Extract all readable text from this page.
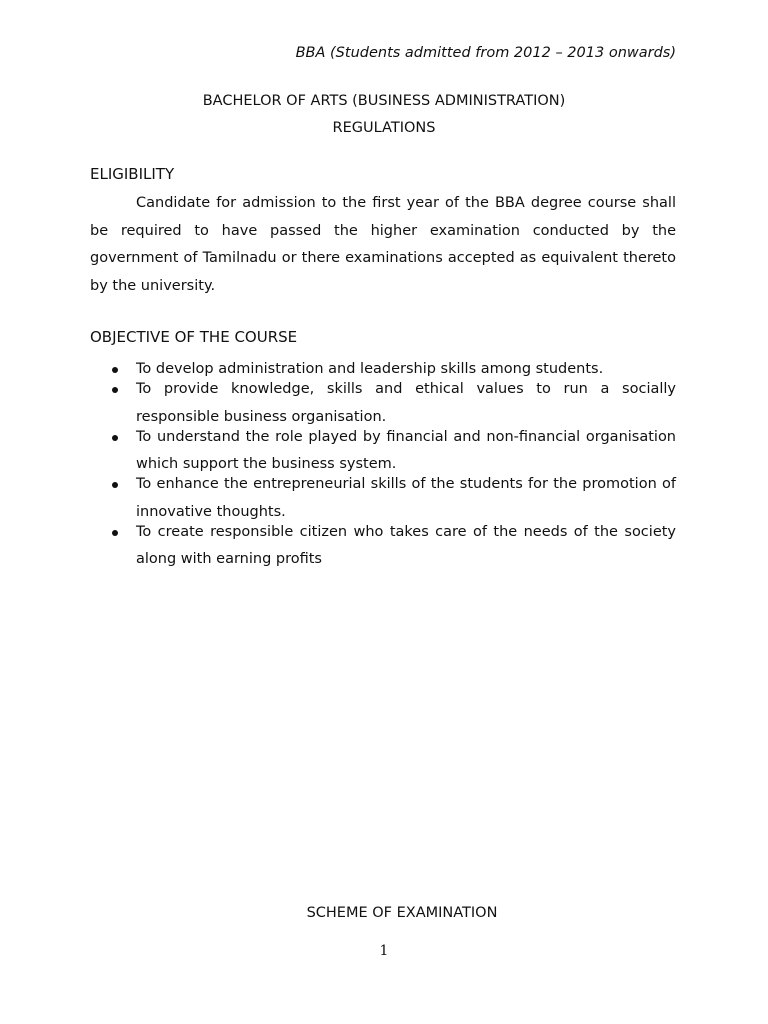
BBA (Students admitted from 2012 – 2013 onwards)
BACHELOR OF ARTS (BUSINESS ADMINISTRATION)
REGULATIONS
ELIGIBILITY

Candidate for admission to the first year of the BBA degree course shall be required to have passed the higher examination conducted by the government of Tamilnadu or there examinations accepted as equivalent thereto by the university.

OBJECTIVE OF THE COURSE
To develop administration and leadership skills among students.
To provide knowledge, skills and ethical values to run a socially responsible business organisation.
To understand the role played by financial and non-financial organisation which support the business system.
To enhance the entrepreneurial skills of the students for the promotion of innovative thoughts.
To create responsible citizen who takes care of the needs of the society along with earning profits
SCHEME OF EXAMINATION
1
